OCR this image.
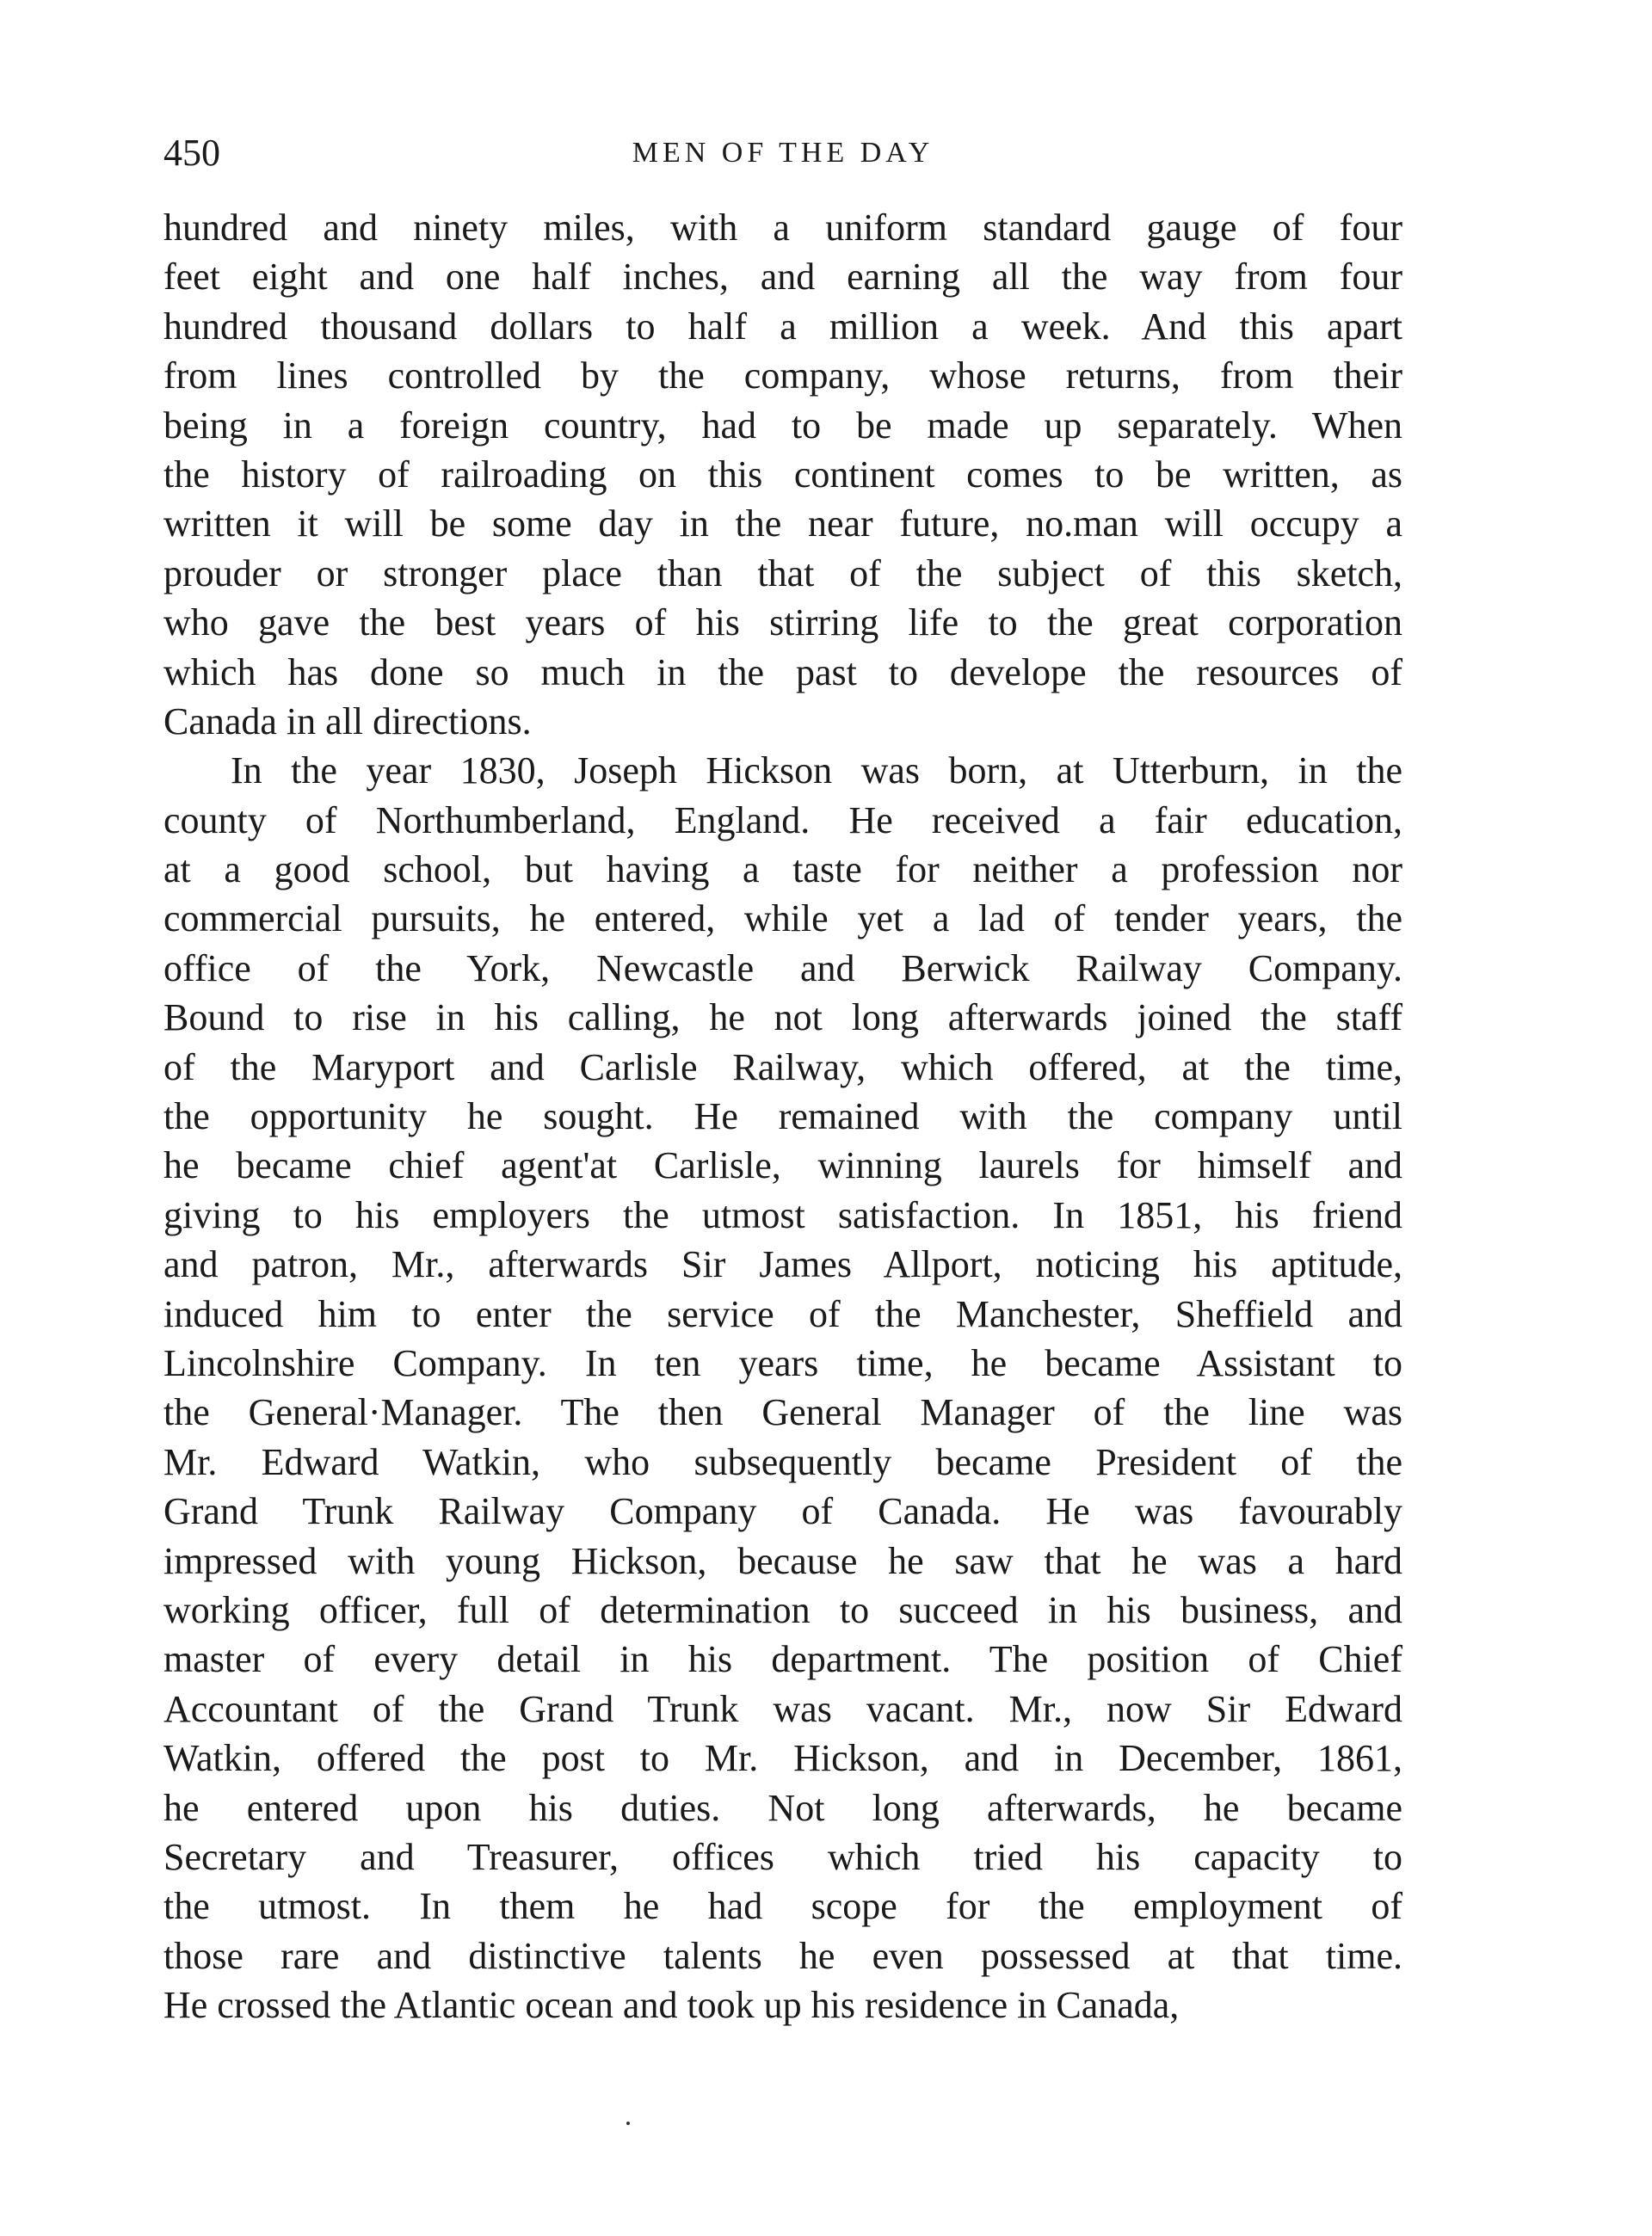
450	MEN OF THE DAY
hundred and ninety miles, with a uniform standard gauge of four
feet eight and one half inches, and earning all the way from four
hundred thousand dollars to half a million a week. And this apart
from lines controlled by the company, whose returns, from their
being in a foreign country, had to be made up separately. When
the history of railroading on this continent comes to be written, as
written it will be some day in the near future, no.man will occupy a
prouder or stronger place than that of the subject of this sketch,
who gave the best years of his stirring life to the great corporation
which has done so much in the past to develope the resources of
Canada in all directions.
In the year 1830, Joseph Hickson was born, at Utterburn, in the
county of Northumberland, England. He received a fair education,
at a good school, but having a taste for neither a profession nor
commercial pursuits, he entered, while yet a lad of tender years, the
office of the York, Newcastle and Berwick Railway Company.
Bound to rise in his calling, he not long afterwards joined the staff
of the Maryport and Carlisle Railway, which offered, at the time,
the opportunity he sought. He remained with the company until
he became chief agent'at Carlisle, winning laurels for himself and
giving to his employers the utmost satisfaction. In 1851, his friend
and patron, Mr., afterwards Sir James Allport, noticing his aptitude,
induced him to enter the service of the Manchester, Sheffield and
Lincolnshire Company. In ten years time, he became Assistant to
the General·Manager. The then General Manager of the line was
Mr. Edward Watkin, who subsequently became President of the
Grand Trunk Railway Company of Canada. He was favourably
impressed with young Hickson, because he saw that he was a hard
working officer, full of determination to succeed in his business, and
master of every detail in his department. The position of Chief
Accountant of the Grand Trunk was vacant. Mr., now Sir Edward
Watkin, offered the post to Mr. Hickson, and in December, 1861,
he entered upon his duties. Not long afterwards, he became
Secretary and Treasurer, offices which tried his capacity to
the utmost. In them he had scope for the employment of
those rare and distinctive talents he even possessed at that time.
He crossed the Atlantic ocean and took up his residence in Canada,
